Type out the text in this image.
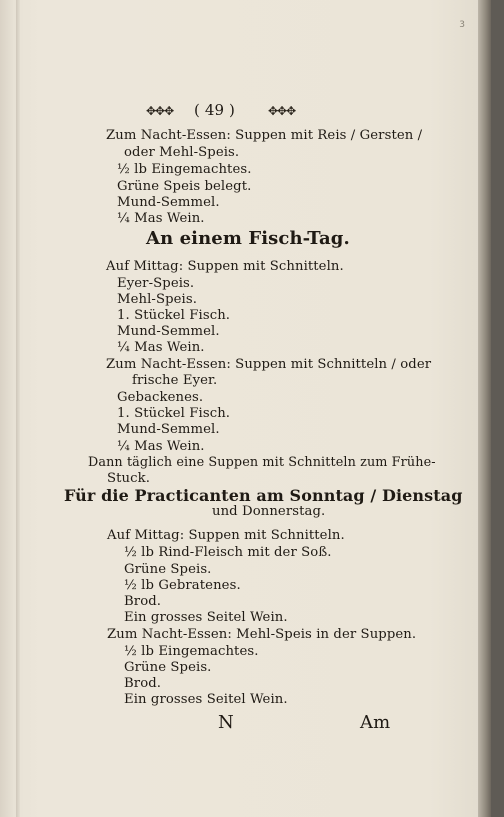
3
✥✥✥ ( 49 )	✥✥✥
Zum Nacht-Essen: Suppen mit Reis / Gersten /
oder Mehl-Speis.
½ lb Eingemachtes.
Grüne Speis belegt.
Mund-Semmel.
¼ Mas Wein.
An einem Fisch-Tag.
Auf Mittag: Suppen mit Schnitteln.
Eyer-Speis.
Mehl-Speis.
1. Stückel Fisch.
Mund-Semmel.
¼ Mas Wein.
Zum Nacht-Essen: Suppen mit Schnitteln / oder
frische Eyer.
Gebackenes.
1. Stückel Fisch.
Mund-Semmel.
¼ Mas Wein.
Dann täglich eine Suppen mit Schnitteln zum Frühe-
Stuck.
Für die Practicanten am Sonntag / Dienstag
und Donnerstag.
Auf Mittag: Suppen mit Schnitteln.
½ lb Rind-Fleisch mit der Soß.
Grüne Speis.
½ lb Gebratenes.
Brod.
Ein grosses Seitel Wein.
Zum Nacht-Essen: Mehl-Speis in der Suppen.
½ lb Eingemachtes.
Grüne Speis.
Brod.
Ein grosses Seitel Wein.
N	Am
